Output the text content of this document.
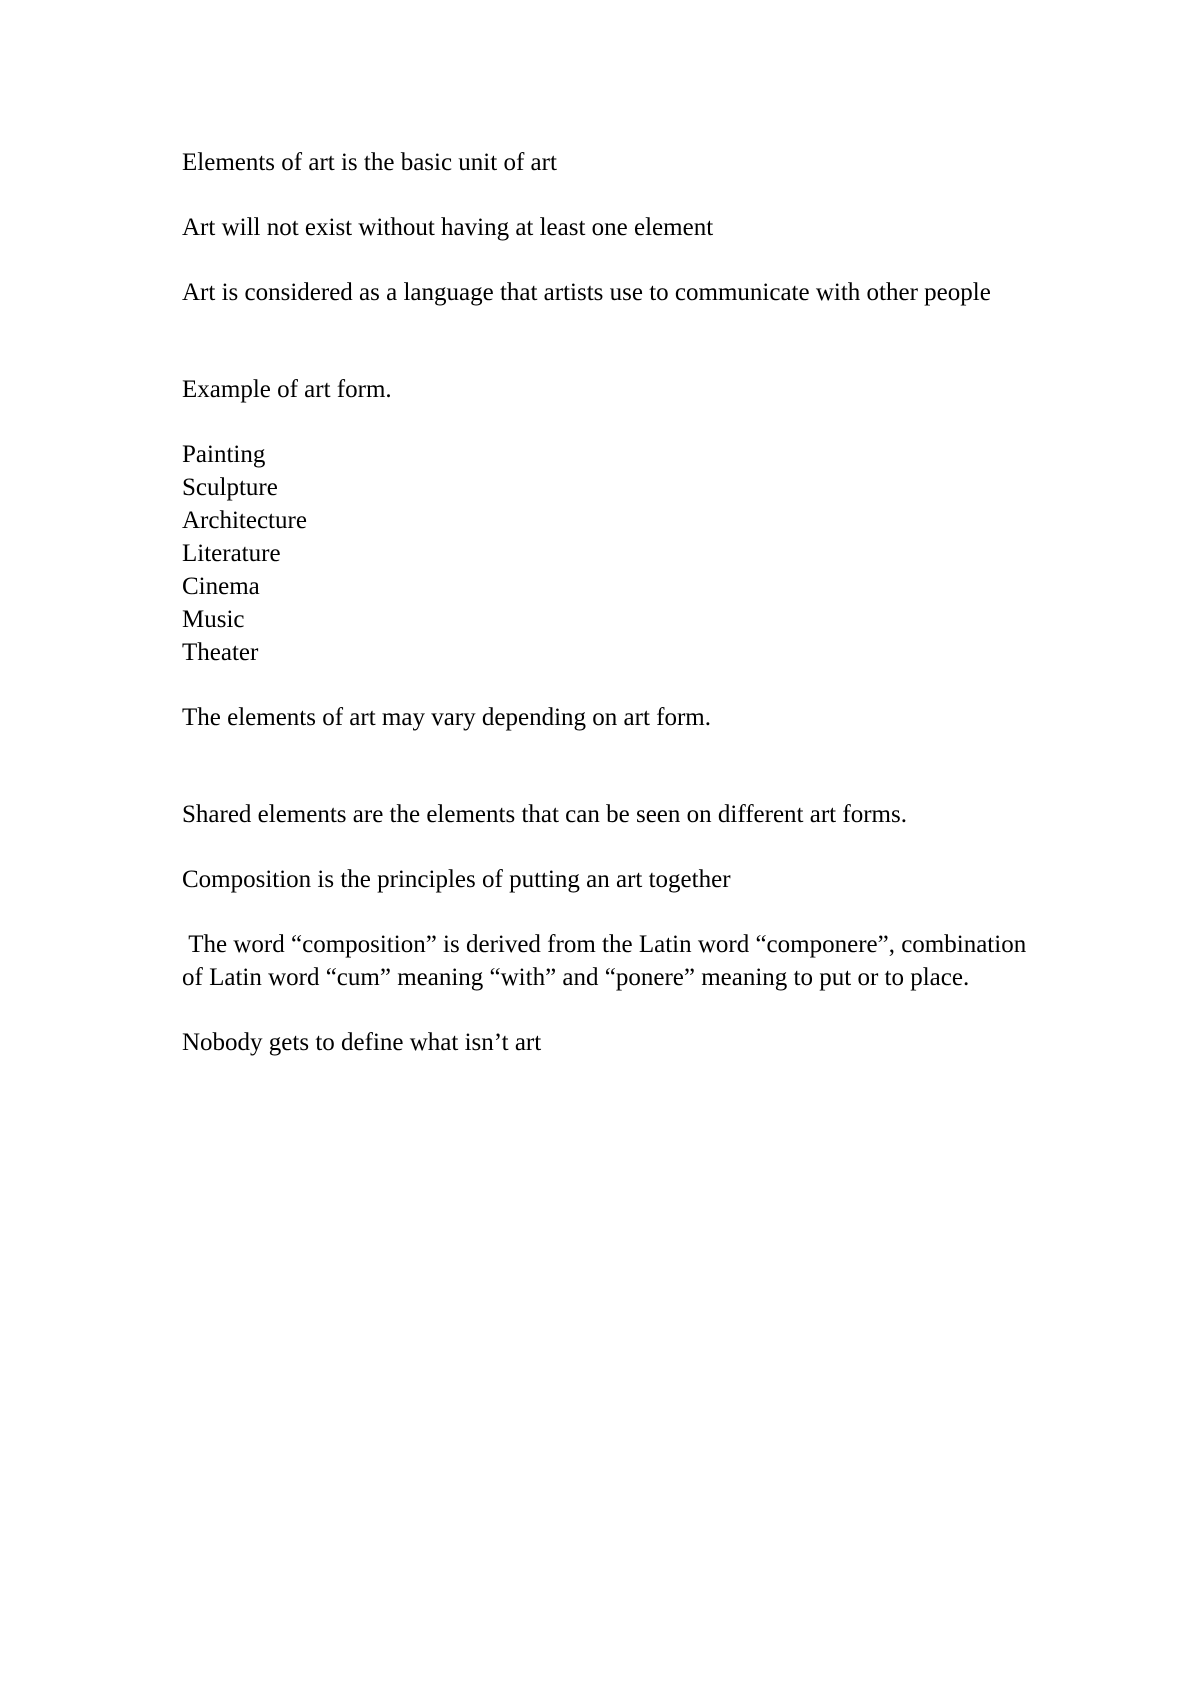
Elements of art is the basic unit of art

Art will not exist without having at least one element

Art is considered as a language that artists use to communicate with other people

Example of art form.

Painting
Sculpture
Architecture
Literature
Cinema
Music
Theater

The elements of art may vary depending on art form.

Shared elements are the elements that can be seen on different art forms.

Composition is the principles of putting an art together

The word “composition” is derived from the Latin word “componere”, combination of Latin word “cum” meaning “with” and “ponere” meaning to put or to place.

Nobody gets to define what isn’t art
